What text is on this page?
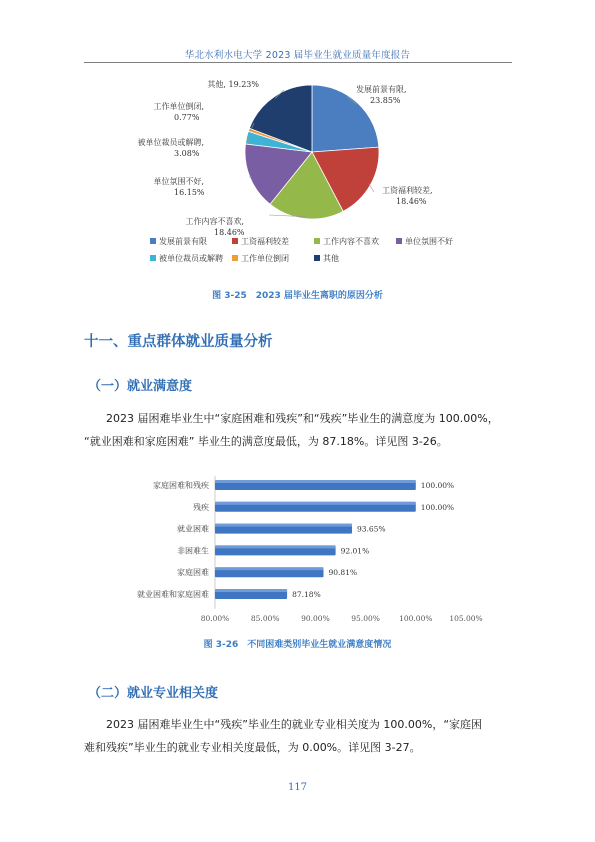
华北水利水电大学 2023 届毕业生就业质量年度报告
发展前景有限,
23.85%
工资福利较差,
18.46%
工作内容不喜欢,
18.46%
单位氛围不好,
16.15%
被单位裁员或解聘,
3.08%
工作单位倒闭,
0.77%
其他, 19.23%
发展前景有限	工资福利较差	工作内容不喜欢	单位氛围不好
被单位裁员或解聘 工作单位倒闭	其他
图 3-25　2023 届毕业生离职的原因分析
十一、重点群体就业质量分析
（一）就业满意度

2023 届困难毕业生中“家庭困难和残疾”和“残疾”毕业生的满意度为 100.00%，

“就业困难和家庭困难” 毕业生的满意度最低，为 87.18%。详见图 3-26。

家庭困难和残疾
残疾
就业困难
非困难生
家庭困难
就业困难和家庭困难
100.00%
100.00%
93.65%
92.01%
90.81%
87.18%
80.00%	85.00%	90.00%	95.00%	100.00% 105.00%
图 3-26　不同困难类别毕业生就业满意度情况
（二）就业专业相关度

2023 届困难毕业生中“残疾”毕业生的就业专业相关度为 100.00%，“家庭困

难和残疾”毕业生的就业专业相关度最低，为 0.00%。详见图 3-27。

117
